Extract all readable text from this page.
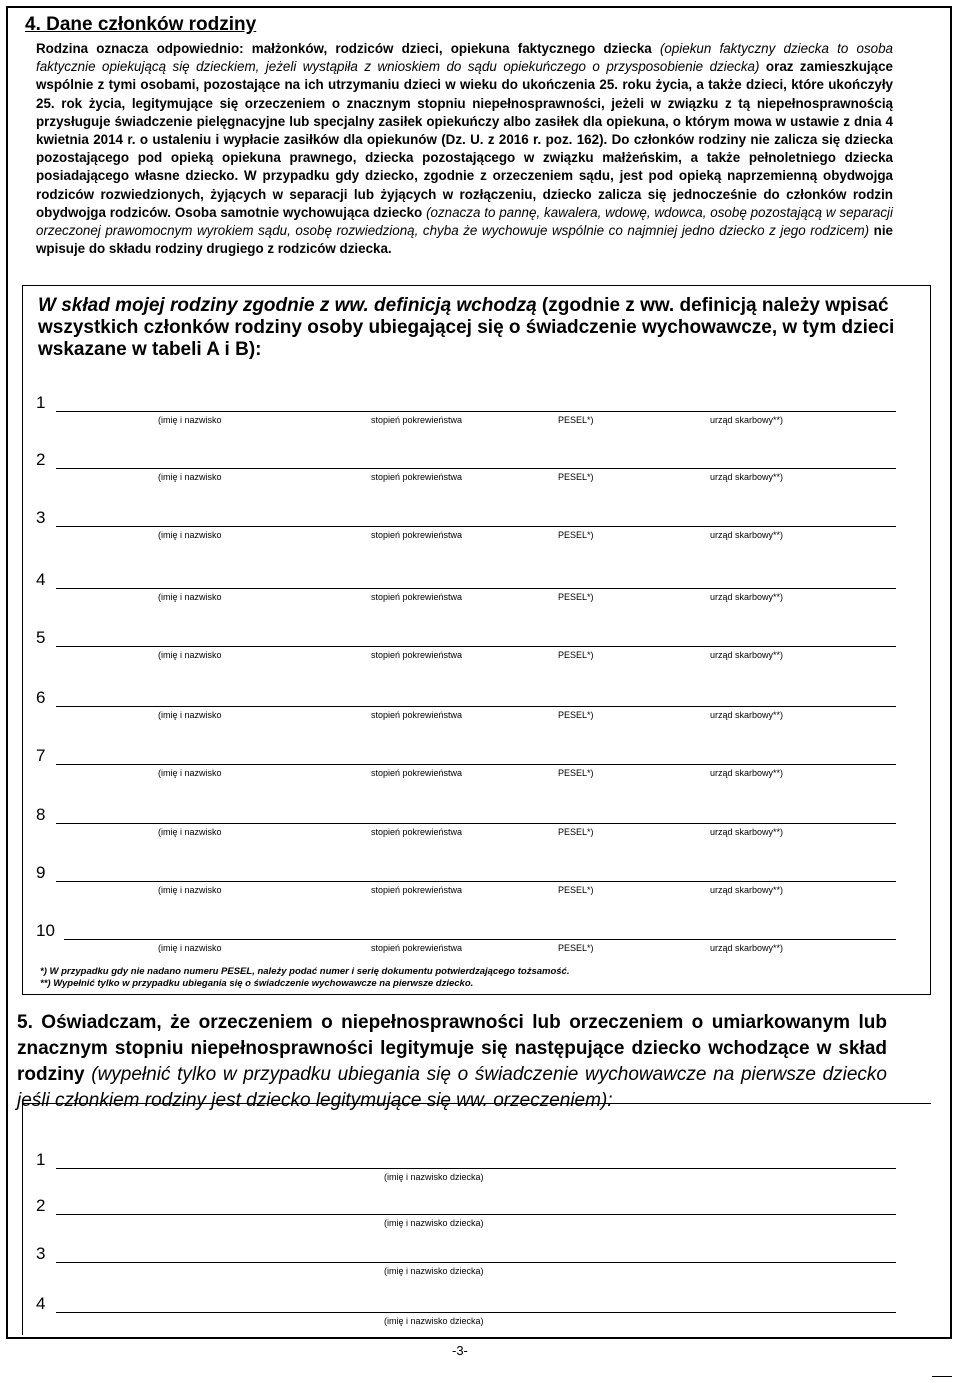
4. Dane członków rodziny

Rodzina oznacza odpowiednio: małżonków, rodziców dzieci, opiekuna faktycznego dziecka (opiekun faktyczny dziecka to osoba faktycznie opiekującą się dzieckiem, jeżeli wystąpiła z wnioskiem do sądu opiekuńczego o przysposobienie dziecka) oraz zamieszkujące wspólnie z tymi osobami, pozostające na ich utrzymaniu dzieci w wieku do ukończenia 25. roku życia, a także dzieci, które ukończyły 25. rok życia, legitymujące się orzeczeniem o znacznym stopniu niepełnosprawności, jeżeli w związku z tą niepełnosprawnością przysługuje świadczenie pielęgnacyjne lub specjalny zasiłek opiekuńczy albo zasiłek dla opiekuna, o którym mowa w ustawie z dnia 4 kwietnia 2014 r. o ustaleniu i wypłacie zasiłków dla opiekunów (Dz. U. z 2016 r. poz. 162). Do członków rodziny nie zalicza się dziecka pozostającego pod opieką opiekuna prawnego, dziecka pozostającego w związku małżeńskim, a także pełnoletniego dziecka posiadającego własne dziecko. W przypadku gdy dziecko, zgodnie z orzeczeniem sądu, jest pod opieką naprzemienną obydwojga rodziców rozwiedzionych, żyjących w separacji lub żyjących w rozłączeniu, dziecko zalicza się jednocześnie do członków rodzin obydwojga rodziców. Osoba samotnie wychowująca dziecko (oznacza to pannę, kawalera, wdowę, wdowca, osobę pozostającą w separacji orzeczonej prawomocnym wyrokiem sądu, osobę rozwiedzioną, chyba że wychowuje wspólnie co najmniej jedno dziecko z jego rodzicem) nie wpisuje do składu rodziny drugiego z rodziców dziecka.

W skład mojej rodziny zgodnie z ww. definicją wchodzą (zgodnie z ww. definicją należy wpisać wszystkich członków rodziny osoby ubiegającej się o świadczenie wychowawcze, w tym dzieci wskazane w tabeli A i B):

1
(imię i nazwisko	stopień pokrewieństwa	PESEL*)	urząd skarbowy**)
2
(imię i nazwisko	stopień pokrewieństwa	PESEL*)	urząd skarbowy**)
3
(imię i nazwisko	stopień pokrewieństwa	PESEL*)	urząd skarbowy**)
4
(imię i nazwisko	stopień pokrewieństwa	PESEL*)	urząd skarbowy**)
5
(imię i nazwisko	stopień pokrewieństwa	PESEL*)	urząd skarbowy**)
6
(imię i nazwisko	stopień pokrewieństwa	PESEL*)	urząd skarbowy**)
7
(imię i nazwisko	stopień pokrewieństwa	PESEL*)	urząd skarbowy**)
8
(imię i nazwisko	stopień pokrewieństwa	PESEL*)	urząd skarbowy**)
9
(imię i nazwisko	stopień pokrewieństwa	PESEL*)	urząd skarbowy**)
10
(imię i nazwisko	stopień pokrewieństwa	PESEL*)	urząd skarbowy**)

*) W przypadku gdy nie nadano numeru PESEL, należy podać numer i serię dokumentu potwierdzającego tożsamość.
**) Wypełnić tylko w przypadku ubiegania się o świadczenie wychowawcze na pierwsze dziecko.

5. Oświadczam, że orzeczeniem o niepełnosprawności lub orzeczeniem o umiarkowanym lub znacznym stopniu niepełnosprawności legitymuje się następujące dziecko wchodzące w skład rodziny (wypełnić tylko w przypadku ubiegania się o świadczenie wychowawcze na pierwsze dziecko jeśli członkiem rodziny jest dziecko legitymujące się ww. orzeczeniem):

1
(imię i nazwisko dziecka)
2
(imię i nazwisko dziecka)
3
(imię i nazwisko dziecka)
4
(imię i nazwisko dziecka)
-3-
